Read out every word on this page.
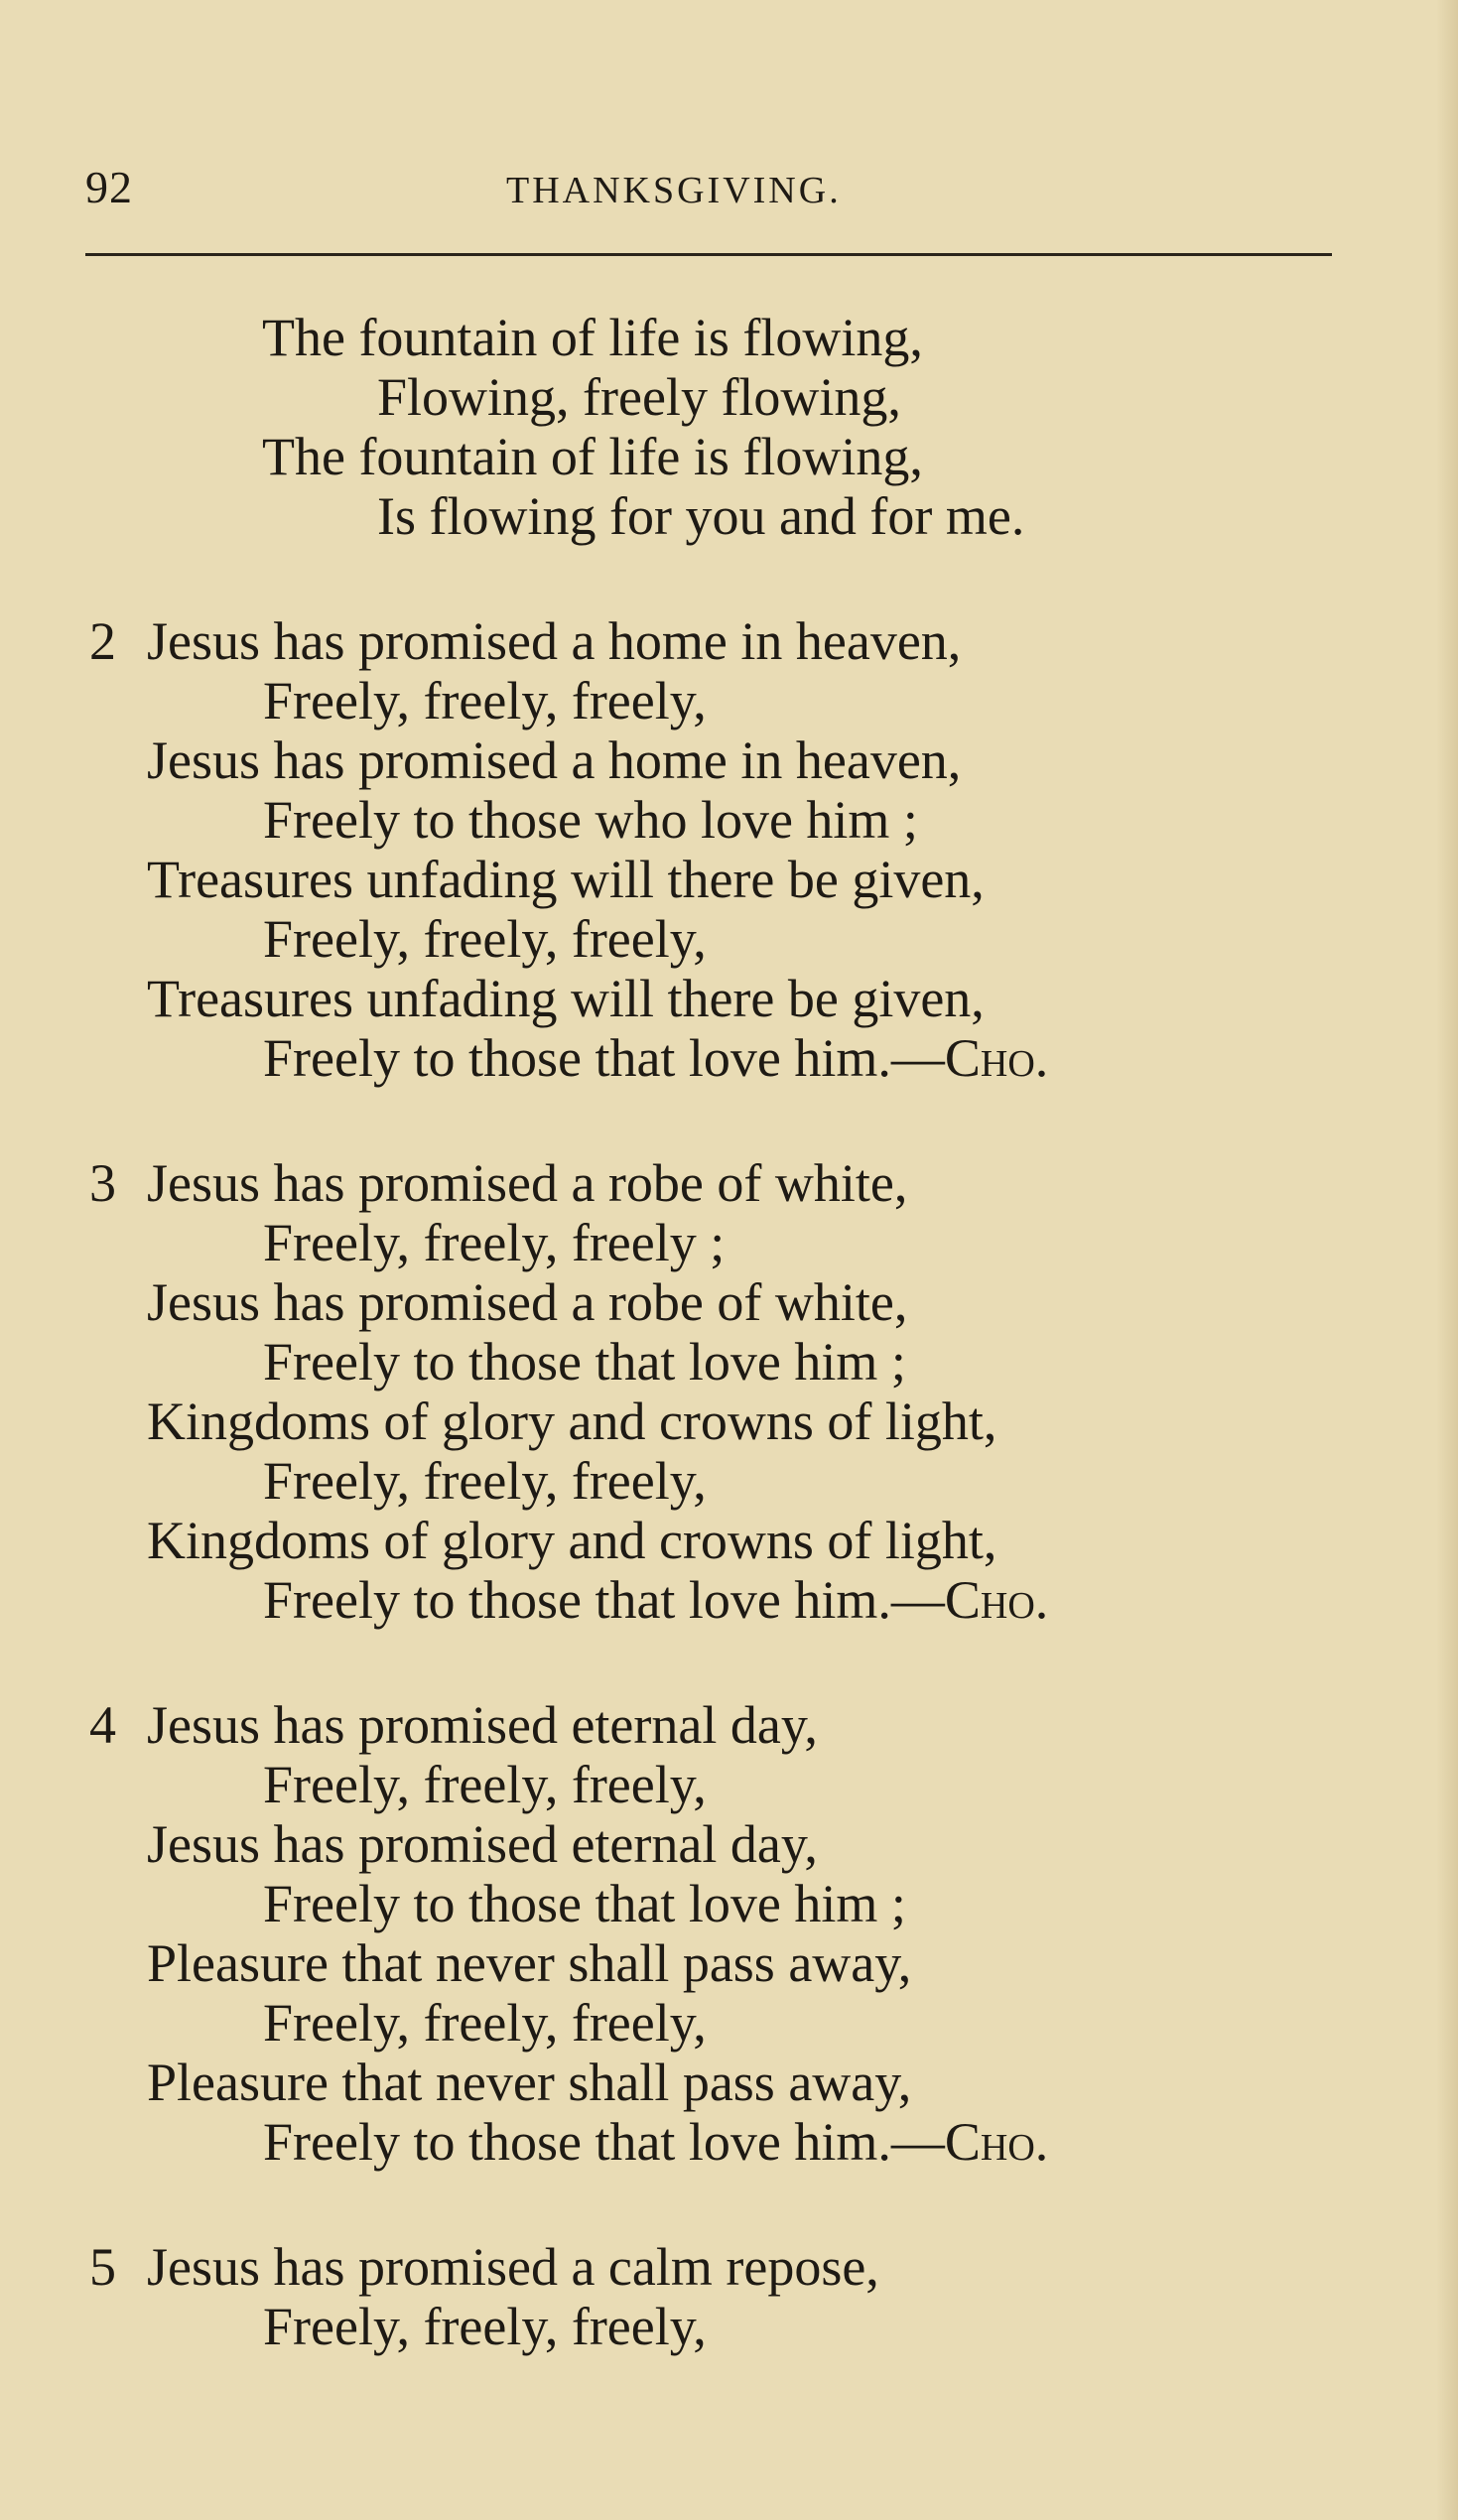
92	THANKSGIVING.
The fountain of life is flowing,
Flowing, freely flowing,
The fountain of life is flowing,
Is flowing for you and for me.
2 Jesus has promised a home in heaven,
Freely, freely, freely,
Jesus has promised a home in heaven,
Freely to those who love him ;
Treasures unfading will there be given,
Freely, freely, freely,
Treasures unfading will there be given,
Freely to those that love him.—Cho.
3 Jesus has promised a robe of white,
Freely, freely, freely ;
Jesus has promised a robe of white,
Freely to those that love him ;
Kingdoms of glory and crowns of light,
Freely, freely, freely,
Kingdoms of glory and crowns of light,
Freely to those that love him.—Cho.
4 Jesus has promised eternal day,
Freely, freely, freely,
Jesus has promised eternal day,
Freely to those that love him ;
Pleasure that never shall pass away,
Freely, freely, freely,
Pleasure that never shall pass away,
Freely to those that love him.—Cho.
5 Jesus has promised a calm repose,
Freely, freely, freely,
